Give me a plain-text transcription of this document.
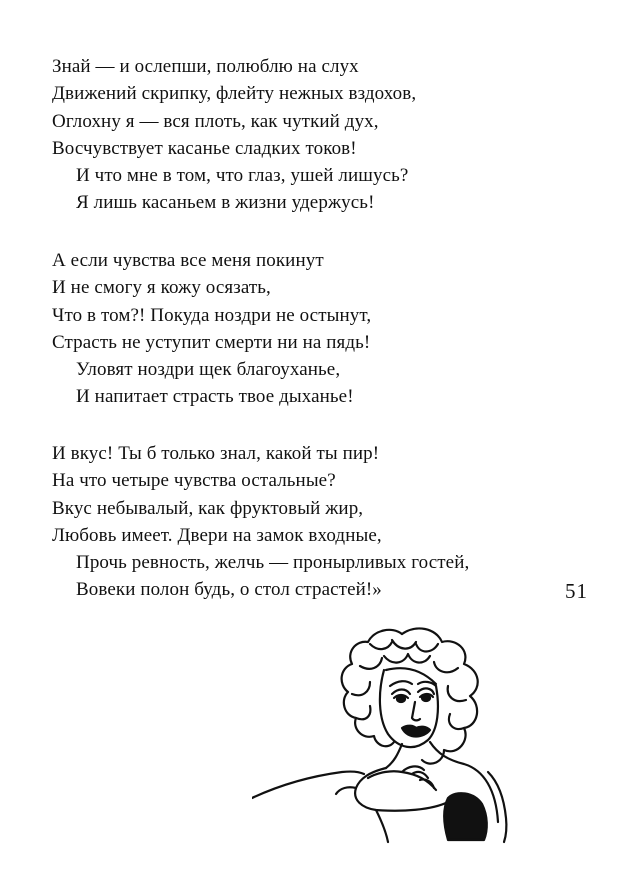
Знай — и ослепши, полюблю на слух
Движений скрипку, флейту нежных вздохов,
Оглохну я — вся плоть, как чуткий дух,
Восчувствует касанье сладких токов!
И что мне в том, что глаз, ушей лишусь?
Я лишь касаньем в жизни удержусь!
А если чувства все меня покинут
И не смогу я кожу осязать,
Что в том?! Покуда ноздри не остынут,
Страсть не уступит смерти ни на пядь!
Уловят ноздри щек благоуханье,
И напитает страсть твое дыханье!
И вкус! Ты б только знал, какой ты пир!
На что четыре чувства остальные?
Вкус небывалый, как фруктовый жир,
Любовь имеет. Двери на замок входные,
Прочь ревность, желчь — пронырливых гостей,
Вовеки полон будь, о стол страстей!»	51
